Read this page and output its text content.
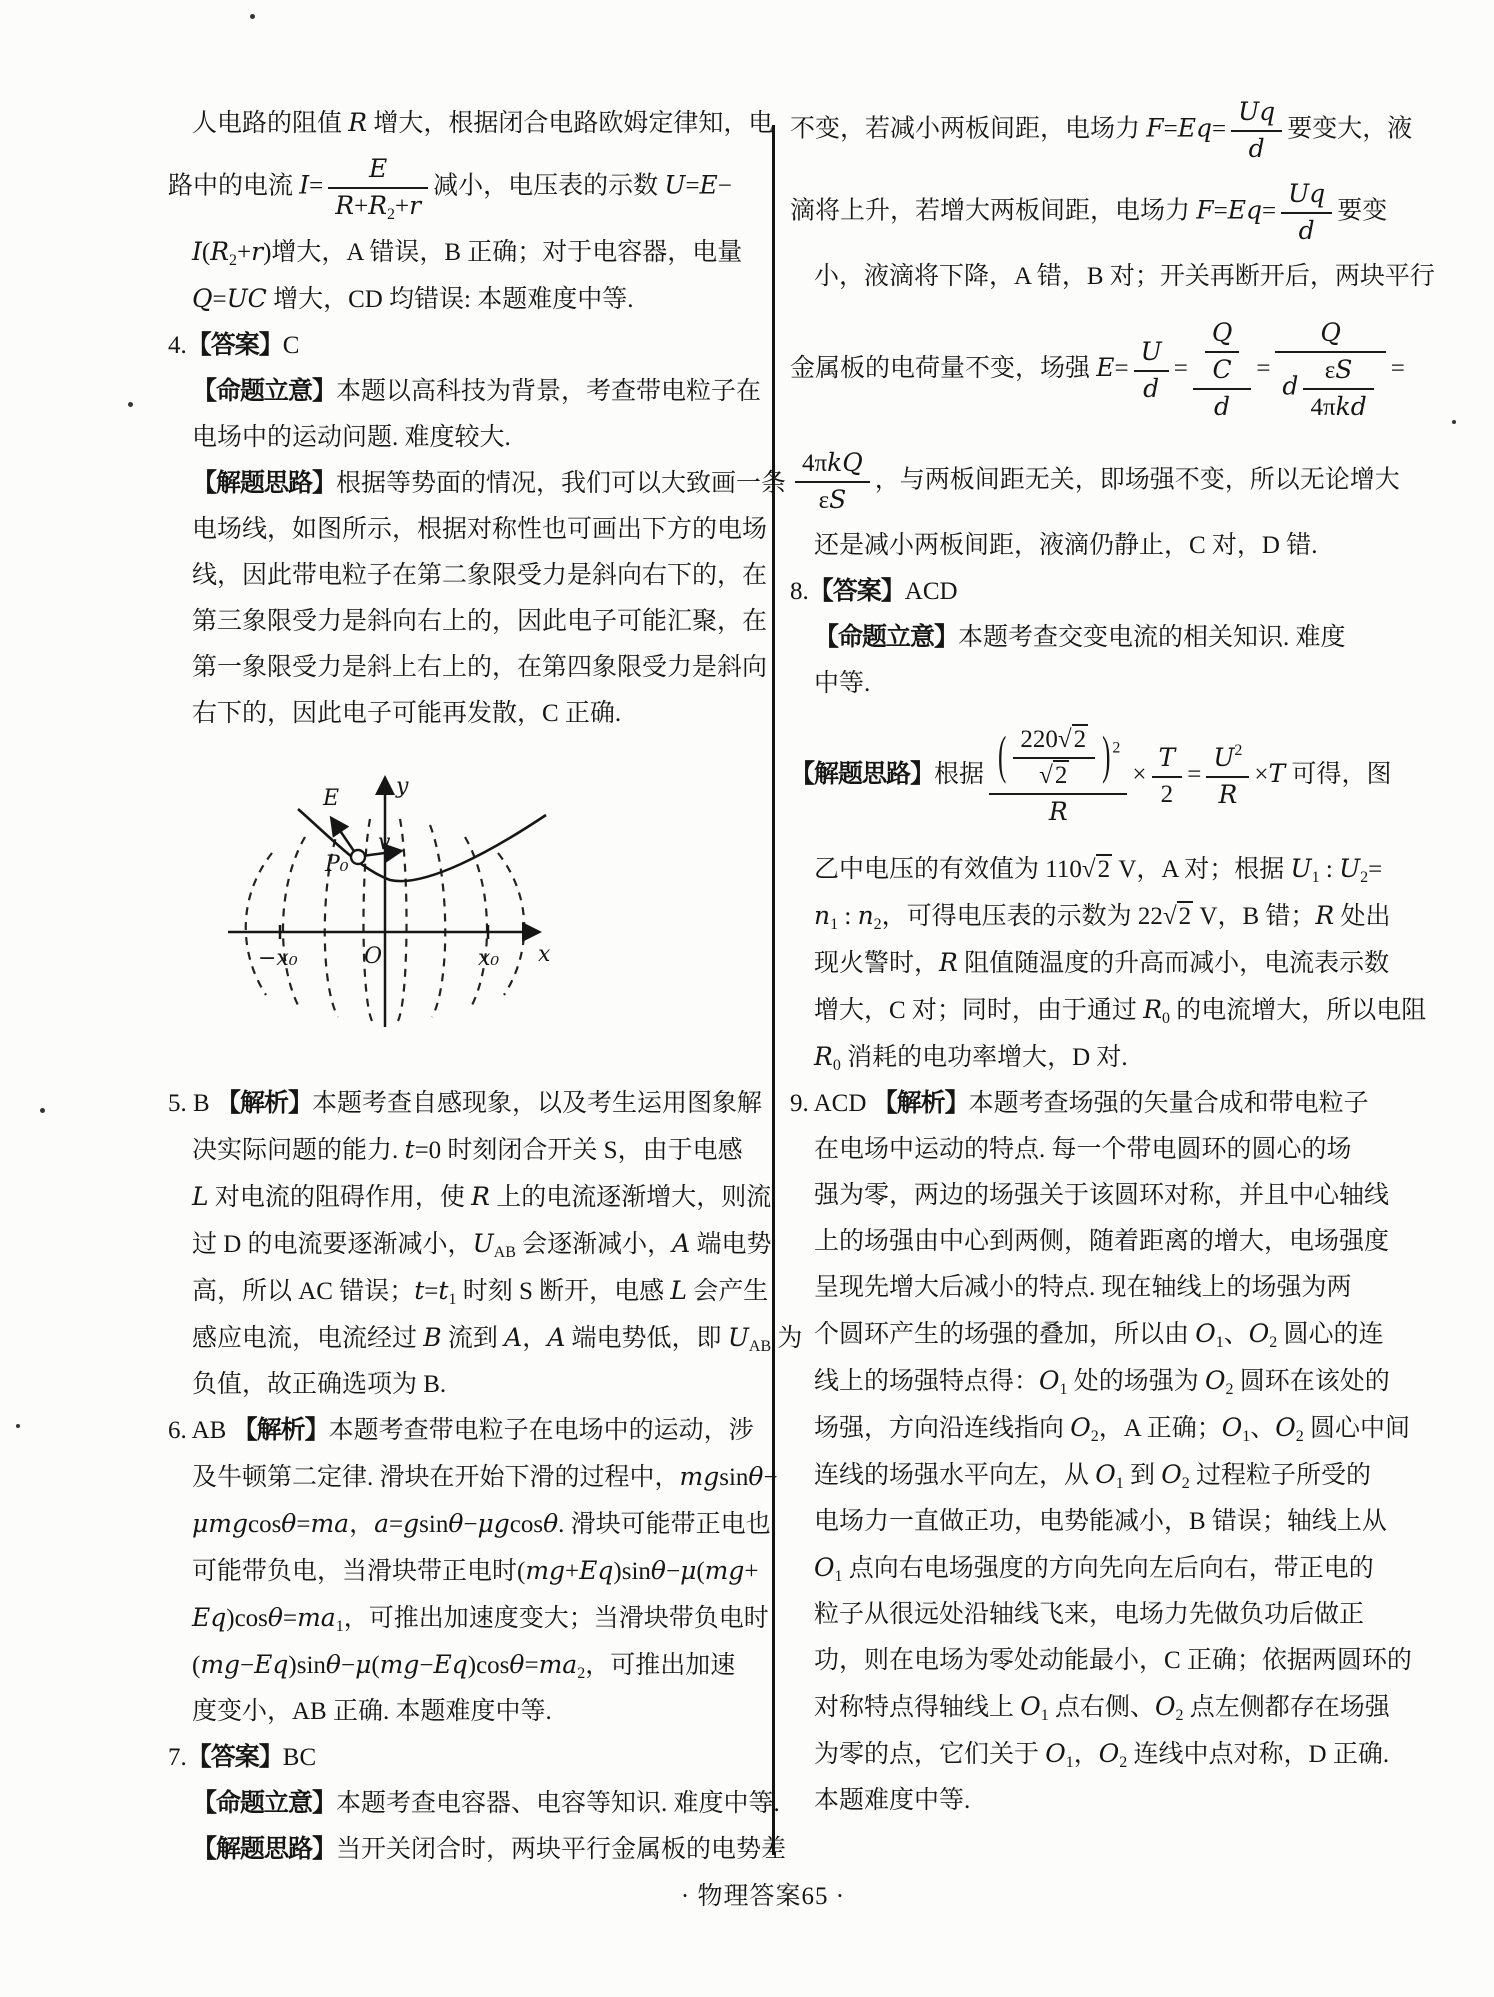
人电路的阻值 R 增大，根据闭合电路欧姆定律知，电
路中的电流 $I= \frac{E}{R+R_2+r}$ 减小，电压表的示数 U=E−
$I(R_2+r)$增大，A 错误，B 正确；对于电容器，电量
Q=UC 增大，CD 均错误: 本题难度中等.
4.【答案】C
【命题立意】本题以高科技为背景，考查带电粒子在
电场中的运动问题. 难度较大.
【解题思路】根据等势面的情况，我们可以大致画一条
电场线，如图所示，根据对称性也可画出下方的电场
线，因此带电粒子在第二象限受力是斜向右下的，在
第三象限受力是斜向右上的，因此电子可能汇聚，在
第一象限受力是斜上右上的，在第四象限受力是斜向
右下的，因此电子可能再发散，C 正确.
E
v
P₀
y
x
O
−x₀	x₀
5. B 【解析】本题考查自感现象，以及考生运用图象解
决实际问题的能力. t=0 时刻闭合开关 S，由于电感
L 对电流的阻碍作用，使 R 上的电流逐渐增大，则流
过 D 的电流要逐渐减小，$U_{AB}$ 会逐渐减小，A 端电势
高，所以 AC 错误；$t=t_1$ 时刻 S 断开，电感 L 会产生
感应电流，电流经过 B 流到 A，A 端电势低，即 $U_{AB}$ 为
负值，故正确选项为 B.
6. AB 【解析】本题考查带电粒子在电场中的运动，涉
及牛顿第二定律. 滑块在开始下滑的过程中，mgsinθ−
μmgcosθ=ma，a=gsinθ−μgcosθ. 滑块可能带正电也
可能带负电，当滑块带正电时(mg+Eq)sinθ−μ(mg+
$Eq)\cos\theta=ma_1$，可推出加速度变大；当滑块带负电时
$(mg-Eq)\sin\theta-\mu(mg-Eq)\cos\theta=ma_2$，可推出加速
度变小，AB 正确. 本题难度中等.
7.【答案】BC
【命题立意】本题考查电容器、电容等知识. 难度中等.
【解题思路】当开关闭合时，两块平行金属板的电势差
不变，若减小两板间距，电场力 $F=Eq= \frac{Uq}{d}$ 要变大，液
滴将上升，若增大两板间距，电场力 $F=Eq= \frac{Uq}{d}$ 要变
小，液滴将下降，A 错，B 对；开关再断开后，两块平行
金属板的电荷量不变，场强 $E= \frac{U}{d} = \frac{\frac{Q}{C}}{d} = \frac{Q}{d \frac{\varepsilon S}{\text{4πkd}}}$ =
$\frac{\text{4πkQ}}{\varepsilon S}$ ，与两板间距无关，即场强不变，所以无论增大
还是减小两板间距，液滴仍静止，C 对，D 错.
8.【答案】ACD
【命题立意】本题考查交变电流的相关知识. 难度
中等.
【解题思路】根据 $\frac{( \frac{220√2}{√2} ) ^2}{R} \times \frac{T}{2} = \frac{U^2}{R} \times T$ 可得，图
乙中电压的有效值为 110√2 V，A 对；根据 $U_1$ : $U_2=$
$n_1$ : $n_2$，可得电压表的示数为 22√2 V，B 错；R 处出
现火警时，R 阻值随温度的升高而减小，电流表示数
增大，C 对；同时，由于通过 $R_0$ 的电流增大，所以电阻
$R_0$ 消耗的电功率增大，D 对.
9. ACD 【解析】本题考查场强的矢量合成和带电粒子
在电场中运动的特点. 每一个带电圆环的圆心的场
强为零，两边的场强关于该圆环对称，并且中心轴线
上的场强由中心到两侧，随着距离的增大，电场强度
呈现先增大后减小的特点. 现在轴线上的场强为两
个圆环产生的场强的叠加，所以由 $O_1$、$O_2$ 圆心的连
线上的场强特点得：$O_1$ 处的场强为 $O_2$ 圆环在该处的
场强，方向沿连线指向 $O_2$，A 正确；$O_1$、$O_2$ 圆心中间
连线的场强水平向左，从 $O_1$ 到 $O_2$ 过程粒子所受的
电场力一直做正功，电势能减小，B 错误；轴线上从
$O_1$ 点向右电场强度的方向先向左后向右，带正电的
粒子从很远处沿轴线飞来，电场力先做负功后做正
功，则在电场为零处动能最小，C 正确；依据两圆环的
对称特点得轴线上 $O_1$ 点右侧、$O_2$ 点左侧都存在场强
为零的点，它们关于 $O_1$，$O_2$ 连线中点对称，D 正确.
本题难度中等.
· 物理答案65 ·
